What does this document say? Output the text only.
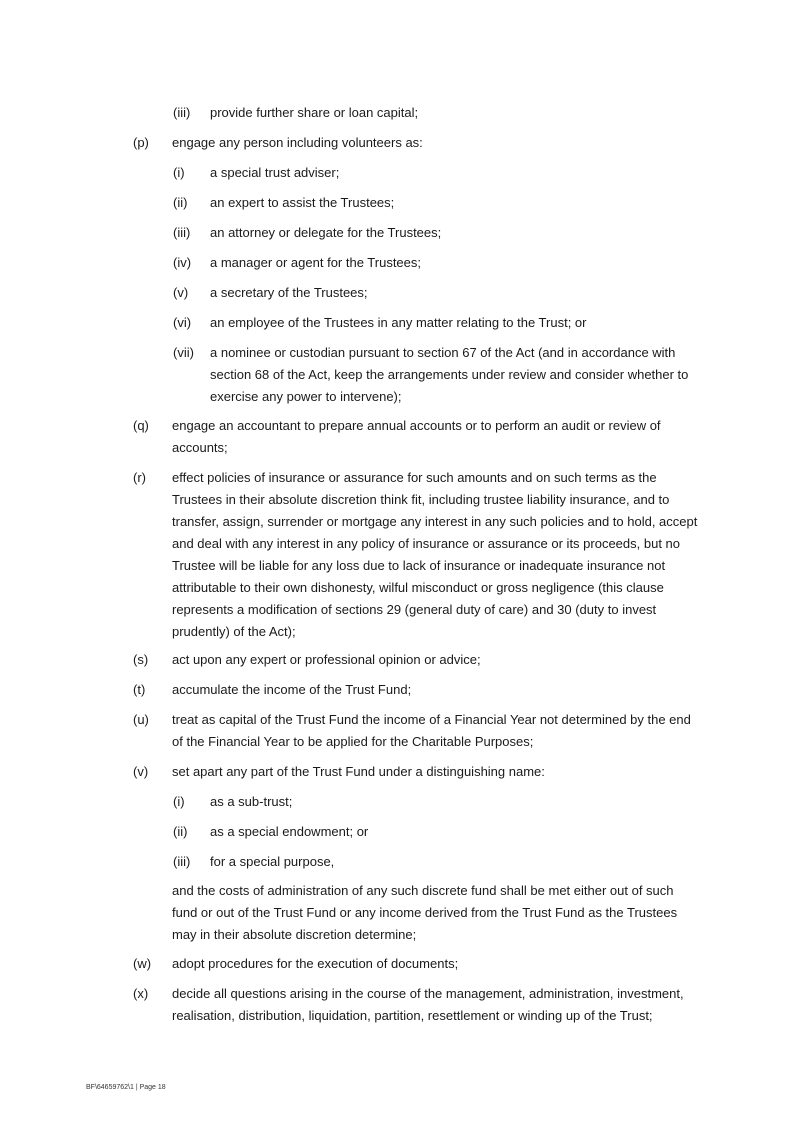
(iii) provide further share or loan capital;
(p) engage any person including volunteers as:
(i) a special trust adviser;
(ii) an expert to assist the Trustees;
(iii) an attorney or delegate for the Trustees;
(iv) a manager or agent for the Trustees;
(v) a secretary of the Trustees;
(vi) an employee of the Trustees in any matter relating to the Trust; or
(vii) a nominee or custodian pursuant to section 67 of the Act (and in accordance with
section 68 of the Act, keep the arrangements under review and consider whether to
exercise any power to intervene);
(q) engage an accountant to prepare annual accounts or to perform an audit or review of
accounts;
(r) effect policies of insurance or assurance for such amounts and on such terms as the
Trustees in their absolute discretion think fit, including trustee liability insurance, and to
transfer, assign, surrender or mortgage any interest in any such policies and to hold, accept
and deal with any interest in any policy of insurance or assurance or its proceeds, but no
Trustee will be liable for any loss due to lack of insurance or inadequate insurance not
attributable to their own dishonesty, wilful misconduct or gross negligence (this clause
represents a modification of sections 29 (general duty of care) and 30 (duty to invest
prudently) of the Act);
(s) act upon any expert or professional opinion or advice;
(t) accumulate the income of the Trust Fund;
(u) treat as capital of the Trust Fund the income of a Financial Year not determined by the end
of the Financial Year to be applied for the Charitable Purposes;
(v) set apart any part of the Trust Fund under a distinguishing name:
(i) as a sub-trust;
(ii) as a special endowment; or
(iii) for a special purpose,
and the costs of administration of any such discrete fund shall be met either out of such
fund or out of the Trust Fund or any income derived from the Trust Fund as the Trustees
may in their absolute discretion determine;
(w) adopt procedures for the execution of documents;
(x) decide all questions arising in the course of the management, administration, investment,
realisation, distribution, liquidation, partition, resettlement or winding up of the Trust;
BF\64659762\1 | Page 18
